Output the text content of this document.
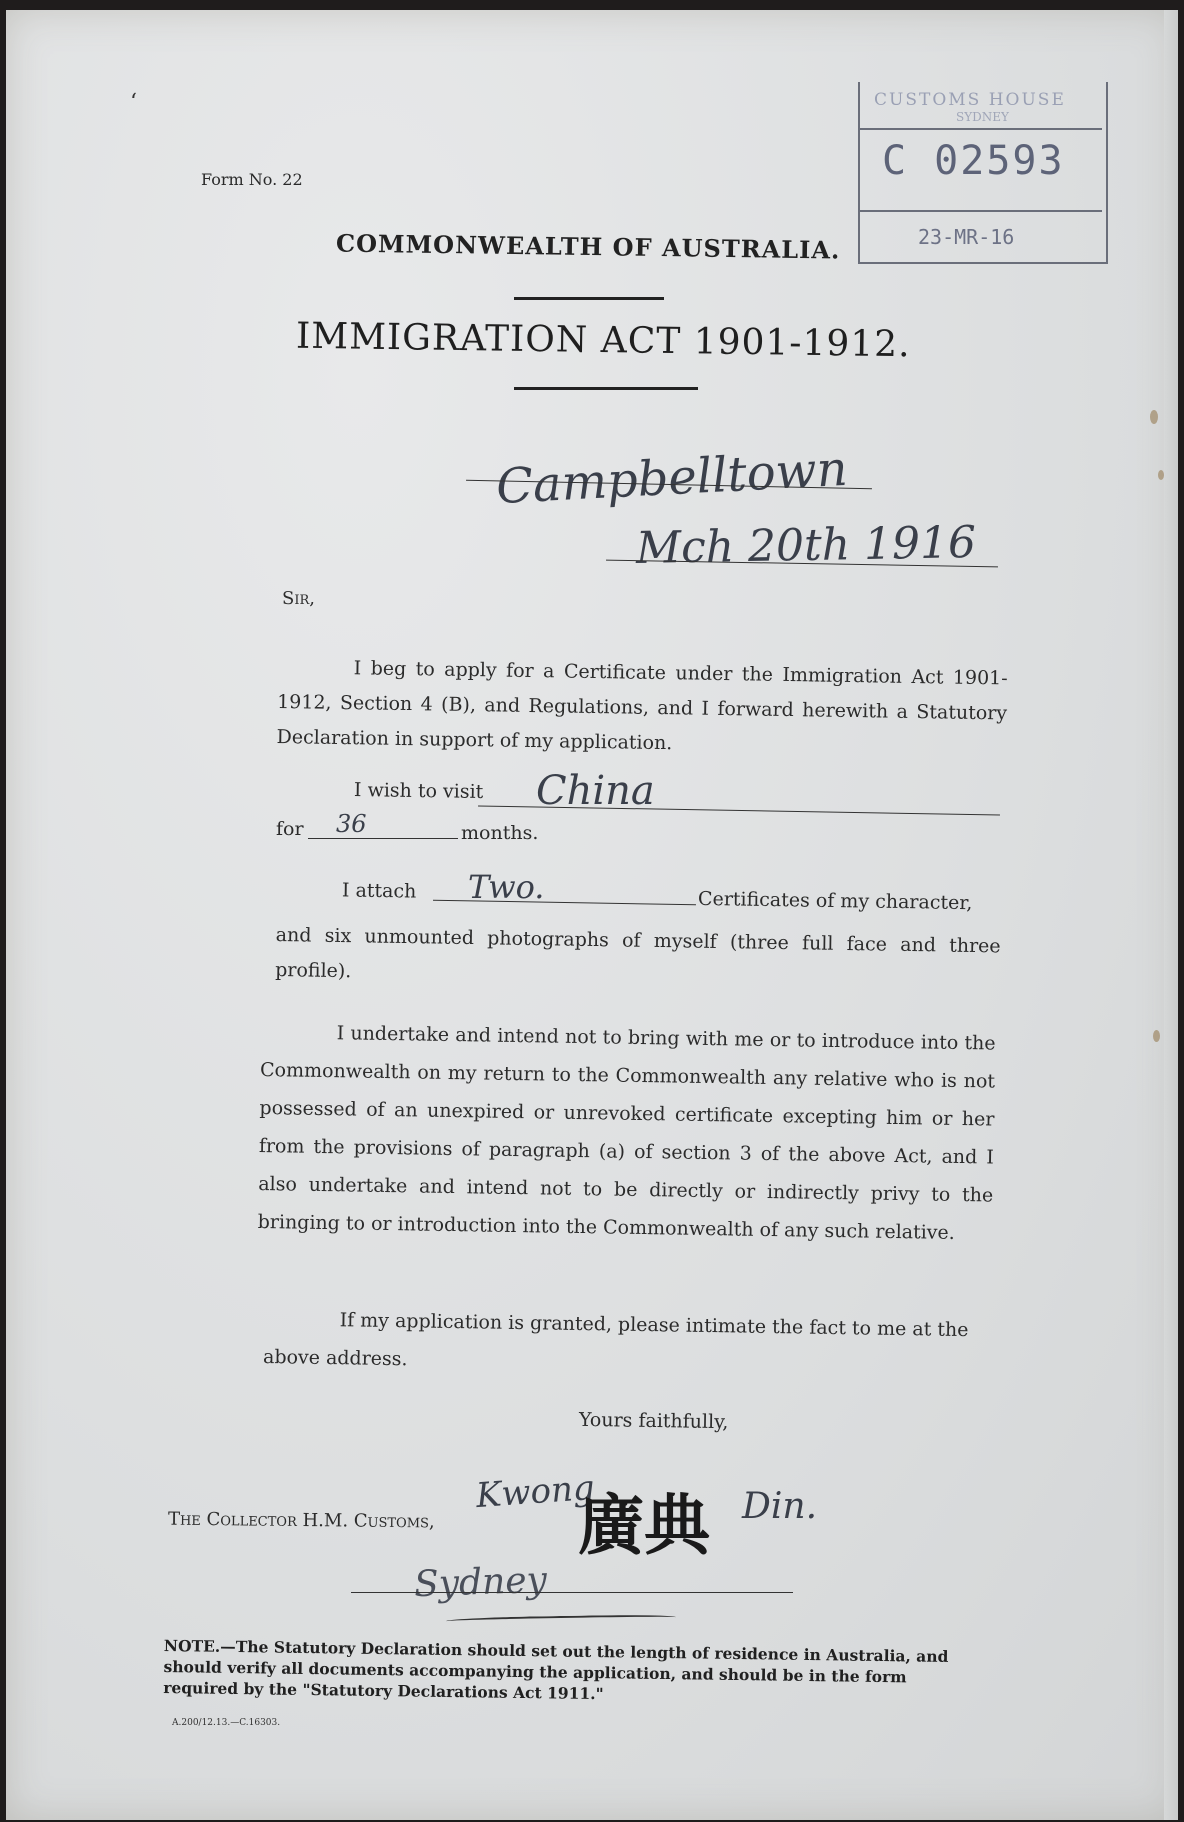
ʻ
Form No. 22
CUSTOMS HOUSE
SYDNEY
C 02593
23-MR-16
COMMONWEALTH OF AUSTRALIA.
IMMIGRATION ACT 1901-1912.
Campbelltown
Mch 20th 1916
Sir,
I beg to apply for a Certificate under the Immigration Act 1901-1912, Section 4 (B), and Regulations, and I forward herewith a Statutory Declaration in support of my application.
I wish to visit China
for 36	months.
I attach Two.	Certificates of my character,
and six unmounted photographs of myself (three full face and three profile).
I undertake and intend not to bring with me or to introduce into the Commonwealth on my return to the Commonwealth any relative who is not possessed of an unexpired or unrevoked certificate excepting him or her from the provisions of paragraph (a) of section 3 of the above Act, and I also undertake and intend not to be directly or indirectly privy to the bringing to or introduction into the Commonwealth of any such relative.
If my application is granted, please intimate the fact to me at the above address.
Yours faithfully,
The Collector H.M. Customs,
Kwong
廣典 Din.
Sydney
NOTE.—The Statutory Declaration should set out the length of residence in Australia, and should verify all documents accompanying the application, and should be in the form required by the "Statutory Declarations Act 1911."
A.200/12.13.—C.16303.
